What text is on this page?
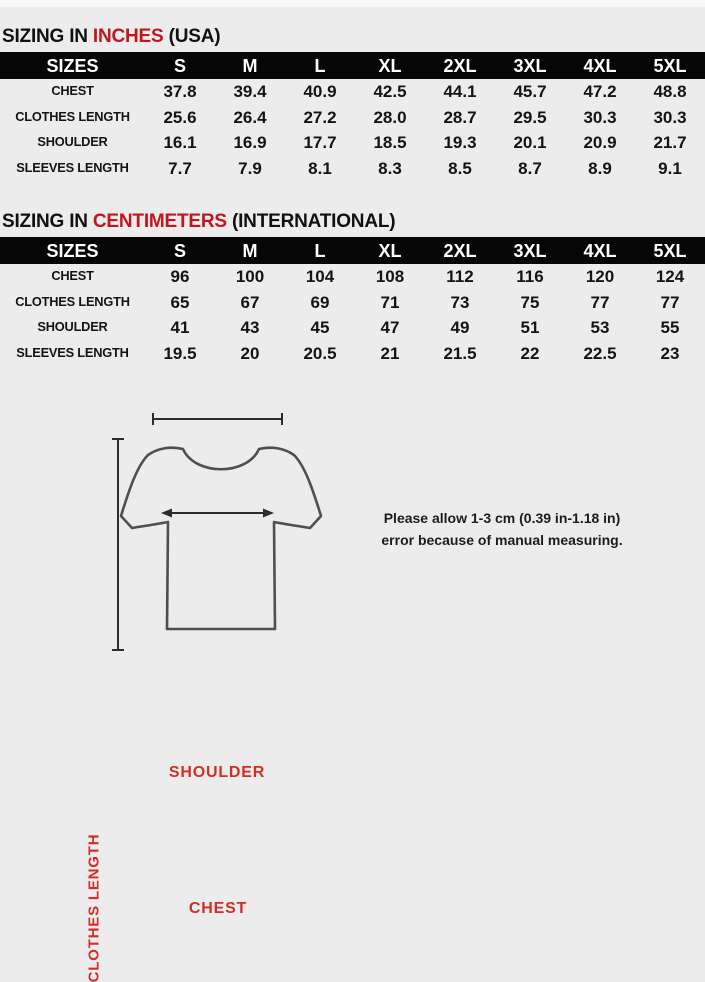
SIZING IN INCHES (USA)
SIZES	S	M	L	XL	2XL	3XL	4XL	5XL
CHEST	37.8	39.4	40.9	42.5	44.1	45.7	47.2	48.8
CLOTHES LENGTH	25.6	26.4	27.2	28.0	28.7	29.5	30.3	30.3
SHOULDER	16.1	16.9	17.7	18.5	19.3	20.1	20.9	21.7
SLEEVES LENGTH	7.7	7.9	8.1	8.3	8.5	8.7	8.9	9.1
SIZING IN CENTIMETERS (INTERNATIONAL)
SIZES	S	M	L	XL	2XL	3XL	4XL	5XL
CHEST	96	100	104	108	112	116	120	124
CLOTHES LENGTH	65	67	69	71	73	75	77	77
SHOULDER	41	43	45	47	49	51	53	55
SLEEVES LENGTH	19.5	20	20.5	21	21.5	22	22.5	23
SHOULDER
CLOTHES LENGTH	CHEST
Please allow 1-3 cm (0.39 in-1.18 in)
error because of manual measuring.
